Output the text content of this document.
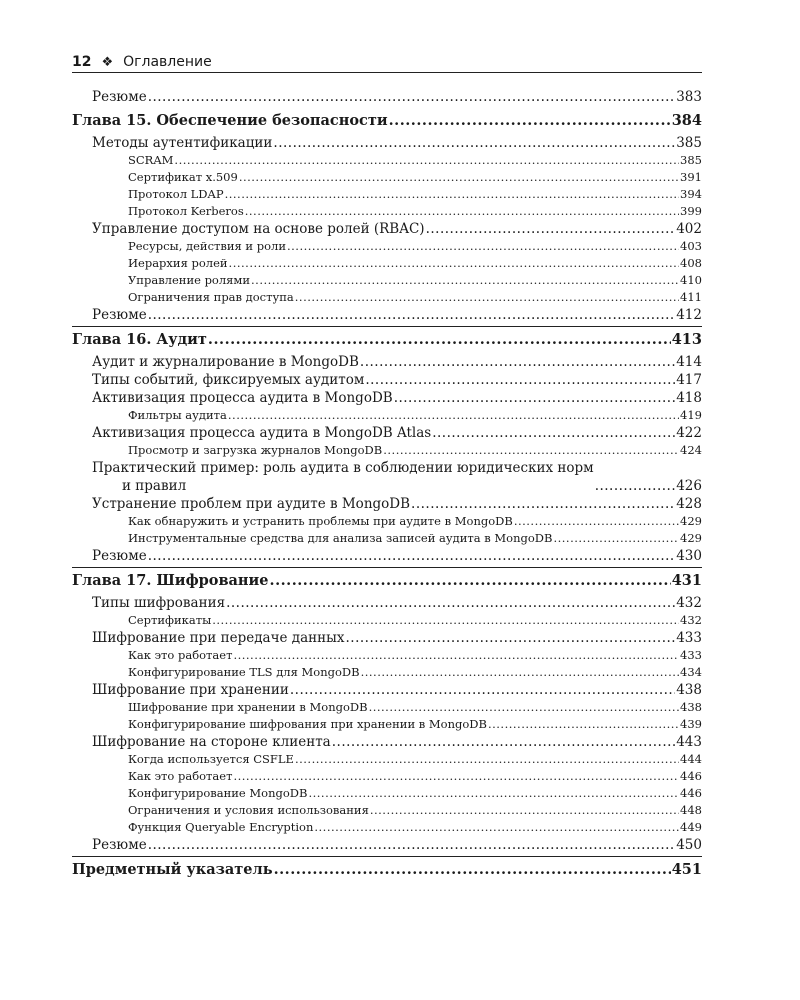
12 ❖ Оглавление
Резюме .....	383
Глава 15. Обеспечение безопасности .....	384
Методы аутентификации .....	385
SCRAM .....	385
Сертификат x.509 .....	391
Протокол LDAP .....	394
Протокол Kerberos .....	399
Управление доступом на основе ролей (RBAC) .....	402
Ресурсы, действия и роли .....	403
Иерархия ролей .....	408
Управление ролями .....	410
Ограничения прав доступа .....	411
Резюме .....	412
Глава 16. Аудит .....	413
Аудит и журналирование в MongoDB .....	414
Типы событий, фиксируемых аудитом .....	417
Активизация процесса аудита в MongoDB .....	418
Фильтры аудита .....	419
Активизация процесса аудита в MongoDB Atlas .....	422
Просмотр и загрузка журналов MongoDB .....	424
Практический пример: роль аудита в соблюдении юридических норм
и правил .....	426
Устранение проблем при аудите в MongoDB .....	428
Как обнаружить и устранить проблемы при аудите в MongoDB .....	429
Инструментальные средства для анализа записей аудита в MongoDB .....	429
Резюме .....	430
Глава 17. Шифрование .....	431
Типы шифрования .....	432
Сертификаты .....	432
Шифрование при передаче данных .....	433
Как это работает .....	433
Конфигурирование TLS для MongoDB .....	434
Шифрование при хранении .....	438
Шифрование при хранении в MongoDB .....	438
Конфигурирование шифрования при хранении в MongoDB .....	439
Шифрование на стороне клиента .....	443
Когда используется CSFLE .....	444
Как это работает .....	446
Конфигурирование MongoDB .....	446
Ограничения и условия использования .....	448
Функция Queryable Encryption .....	449
Резюме .....	450
Предметный указатель .....	451
